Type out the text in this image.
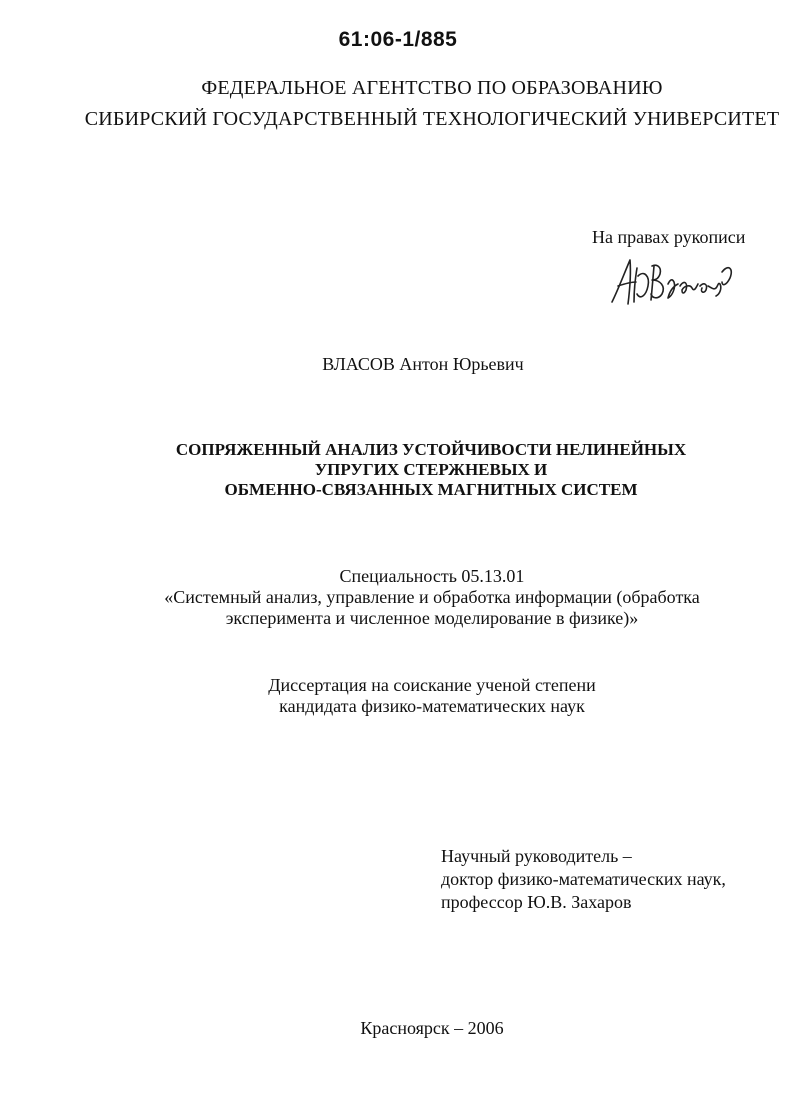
61:06-1/885
ФЕДЕРАЛЬНОЕ АГЕНТСТВО ПО ОБРАЗОВАНИЮ
СИБИРСКИЙ ГОСУДАРСТВЕННЫЙ ТЕХНОЛОГИЧЕСКИЙ УНИВЕРСИТЕТ
На правах рукописи
ВЛАСОВ Антон Юрьевич
СОПРЯЖЕННЫЙ АНАЛИЗ УСТОЙЧИВОСТИ НЕЛИНЕЙНЫХ
УПРУГИХ СТЕРЖНЕВЫХ И
ОБМЕННО-СВЯЗАННЫХ МАГНИТНЫХ СИСТЕМ
Специальность 05.13.01
«Системный анализ, управление и обработка информации (обработка
эксперимента и численное моделирование в физике)»
Диссертация на соискание ученой степени
кандидата физико-математических наук
Научный руководитель –
доктор физико-математических наук,
профессор Ю.В. Захаров
Красноярск – 2006
